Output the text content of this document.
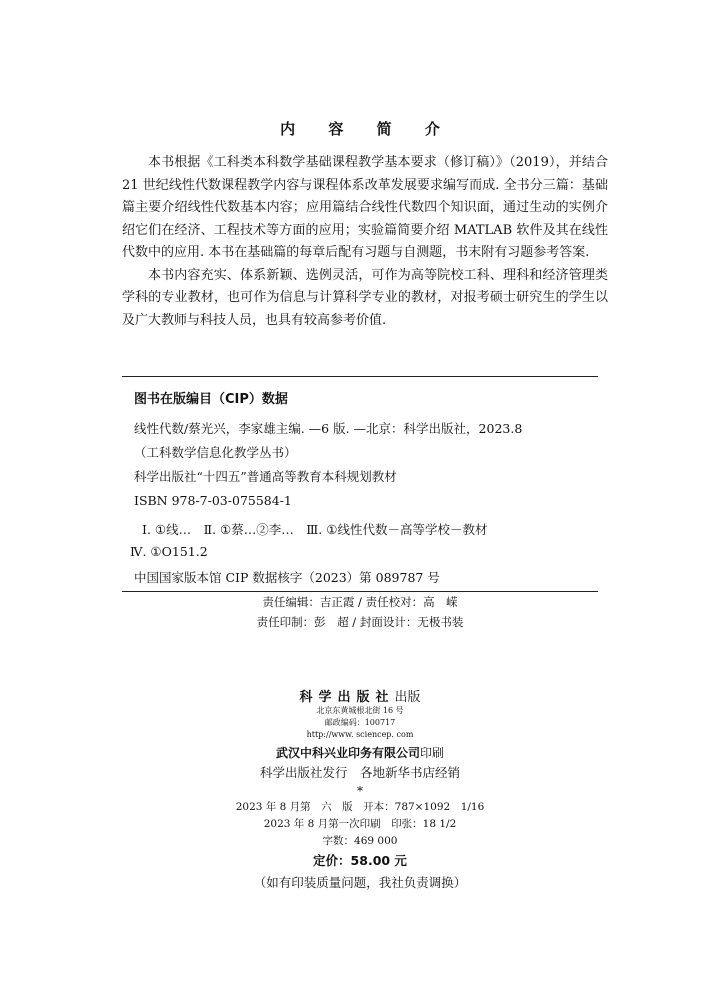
内 容 简 介

本书根据《工科类本科数学基础课程教学基本要求（修订稿）》（2019），并结合 21 世纪线性代数课程教学内容与课程体系改革发展要求编写而成. 全书分三篇：基础篇主要介绍线性代数基本内容；应用篇结合线性代数四个知识面，通过生动的实例介绍它们在经济、工程技术等方面的应用；实验篇简要介绍 MATLAB 软件及其在线性代数中的应用. 本书在基础篇的每章后配有习题与自测题，书末附有习题参考答案.

本书内容充实、体系新颖、选例灵活，可作为高等院校工科、理科和经济管理类学科的专业教材，也可作为信息与计算科学专业的教材，对报考硕士研究生的学生以及广大教师与科技人员，也具有较高参考价值.

图书在版编目（CIP）数据
线性代数/蔡光兴，李家雄主编. —6 版. —北京：科学出版社，2023.8
（工科数学信息化教学丛书）
科学出版社“十四五”普通高等教育本科规划教材
ISBN 978-7-03-075584-1
Ⅰ. ①线…　Ⅱ. ①蔡…②李…　Ⅲ. ①线性代数－高等学校－教材
Ⅳ. ①O151.2
中国国家版本馆 CIP 数据核字（2023）第 089787 号
责任编辑：吉正霞 / 责任校对：高　嵘
责任印制：彭　超 / 封面设计：无极书装
科学出版社出版
北京东黄城根北街 16 号
邮政编码：100717
http://www. sciencep. com
武汉中科兴业印务有限公司印刷
科学出版社发行　各地新华书店经销
*
2023 年 8 月第　六　版　开本：787×1092　1/16
2023 年 8 月第一次印刷　印张：18 1/2
字数：469 000
定价：58.00 元
（如有印装质量问题，我社负责调换）
